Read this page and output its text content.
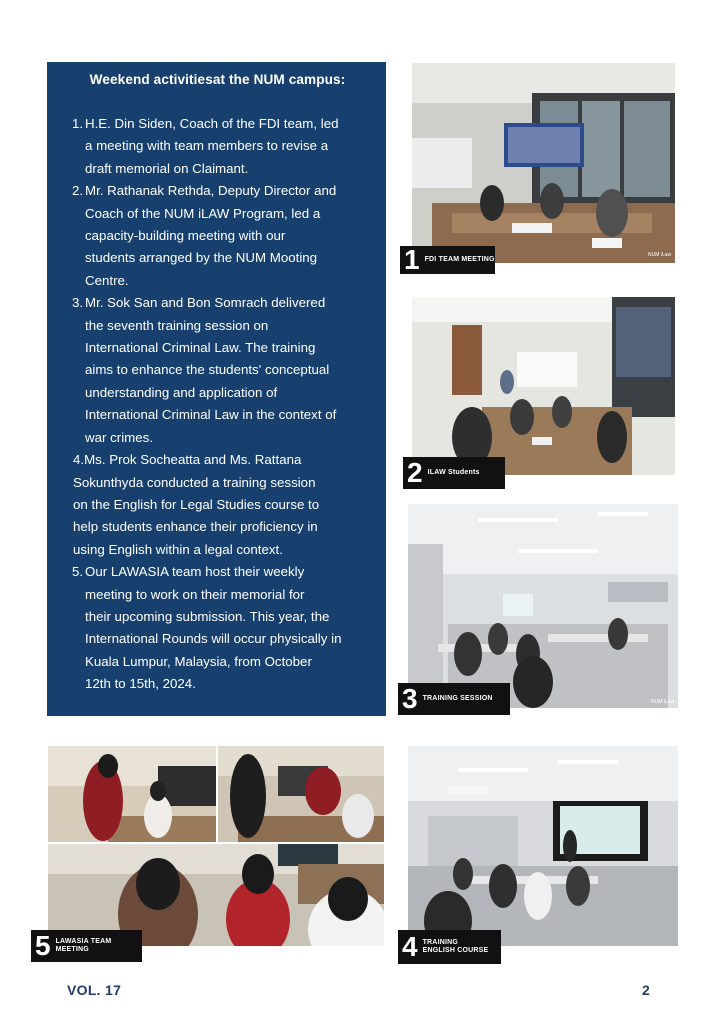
Weekend activitiesat the NUM campus:
1. H.E. Din Siden, Coach of the FDI team, led
a meeting with team members to revise a
draft memorial on Claimant.
2. Mr. Rathanak Rethda, Deputy Director and
Coach of the NUM iLAW Program, led a
capacity-building meeting with our
students arranged by the NUM Mooting
Centre.
3. Mr. Sok San and Bon Somrach delivered
the seventh training session on
International Criminal Law. The training
aims to enhance the students' conceptual
understanding and application of
International Criminal Law in the context of
war crimes.
4.Ms. Prok Socheatta and Ms. Rattana
Sokunthyda conducted a training session
on the English for Legal Studies course to
help students enhance their proficiency in
using English within a legal context.
5. Our LAWASIA team host their weekly
meeting to work on their memorial for
their upcoming submission. This year, the
International Rounds will occur physically in
Kuala Lumpur, Malaysia, from October
12th to 15th, 2024.
NUM iLaw
1 FDI TEAM MEETING
2 ILAW Students
NUM iLaw
3 TRAINING SESSION
5 LAWASIA TEAM MEETING	4 TRAINING ENGLISH COURSE
VOL. 17	2
